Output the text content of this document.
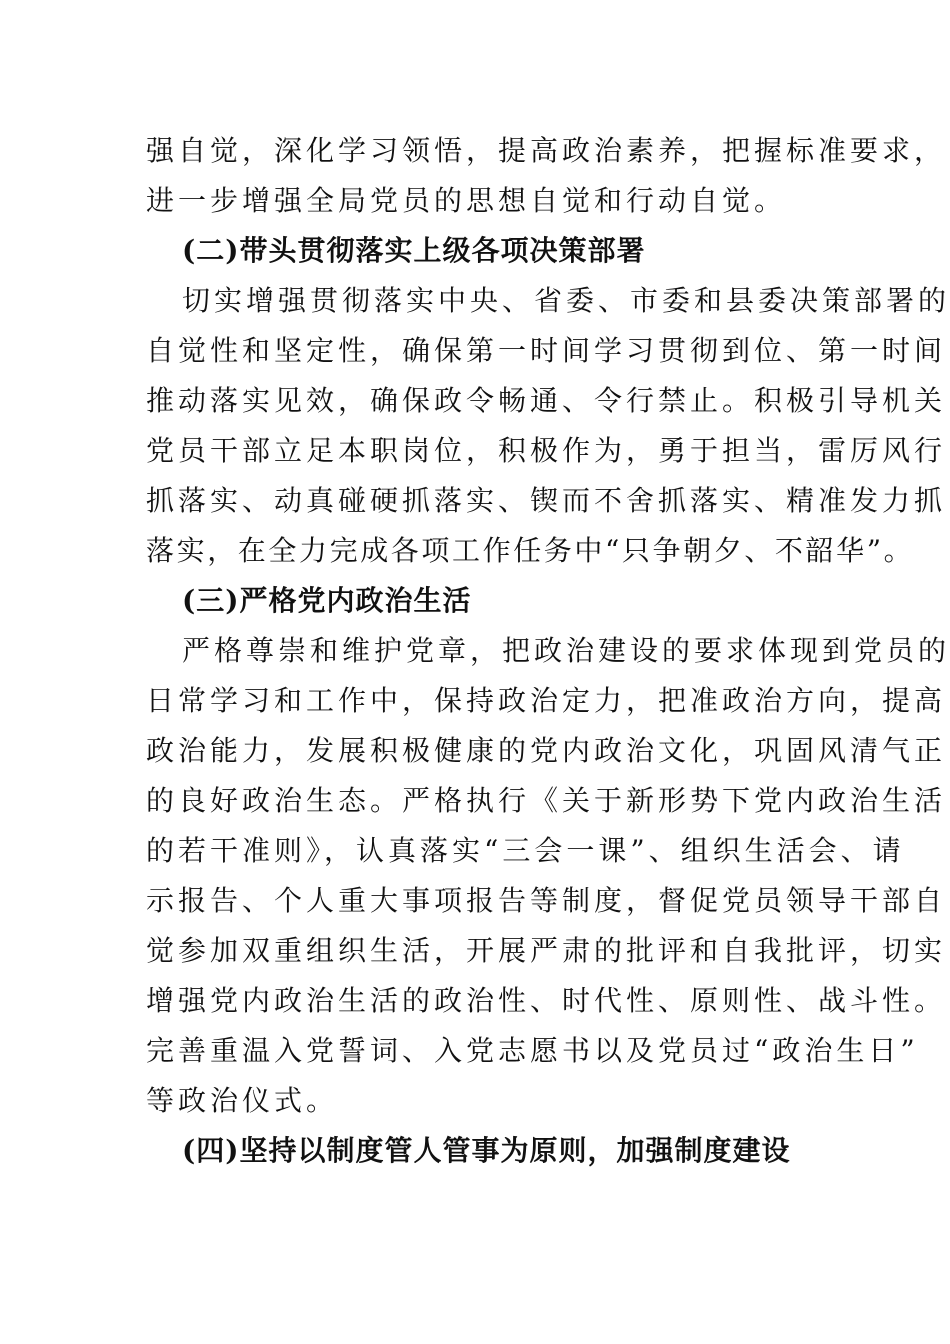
强自觉，深化学习领悟，提高政治素养，把握标准要求，
进一步增强全局党员的思想自觉和行动自觉。
(二)带头贯彻落实上级各项决策部署
切实增强贯彻落实中央、省委、市委和县委决策部署的
自觉性和坚定性，确保第一时间学习贯彻到位、第一时间
推动落实见效，确保政令畅通、令行禁止。积极引导机关
党员干部立足本职岗位，积极作为，勇于担当，雷厉风行
抓落实、动真碰硬抓落实、锲而不舍抓落实、精准发力抓
落实，在全力完成各项工作任务中“只争朝夕、不韶华”。
(三)严格党内政治生活
严格尊崇和维护党章，把政治建设的要求体现到党员的
日常学习和工作中，保持政治定力，把准政治方向，提高
政治能力，发展积极健康的党内政治文化，巩固风清气正
的良好政治生态。严格执行《关于新形势下党内政治生活
的若干准则》，认真落实“三会一课”、组织生活会、请
示报告、个人重大事项报告等制度，督促党员领导干部自
觉参加双重组织生活，开展严肃的批评和自我批评，切实
增强党内政治生活的政治性、时代性、原则性、战斗性。
完善重温入党誓词、入党志愿书以及党员过“政治生日”
等政治仪式。
(四)坚持以制度管人管事为原则，加强制度建设
